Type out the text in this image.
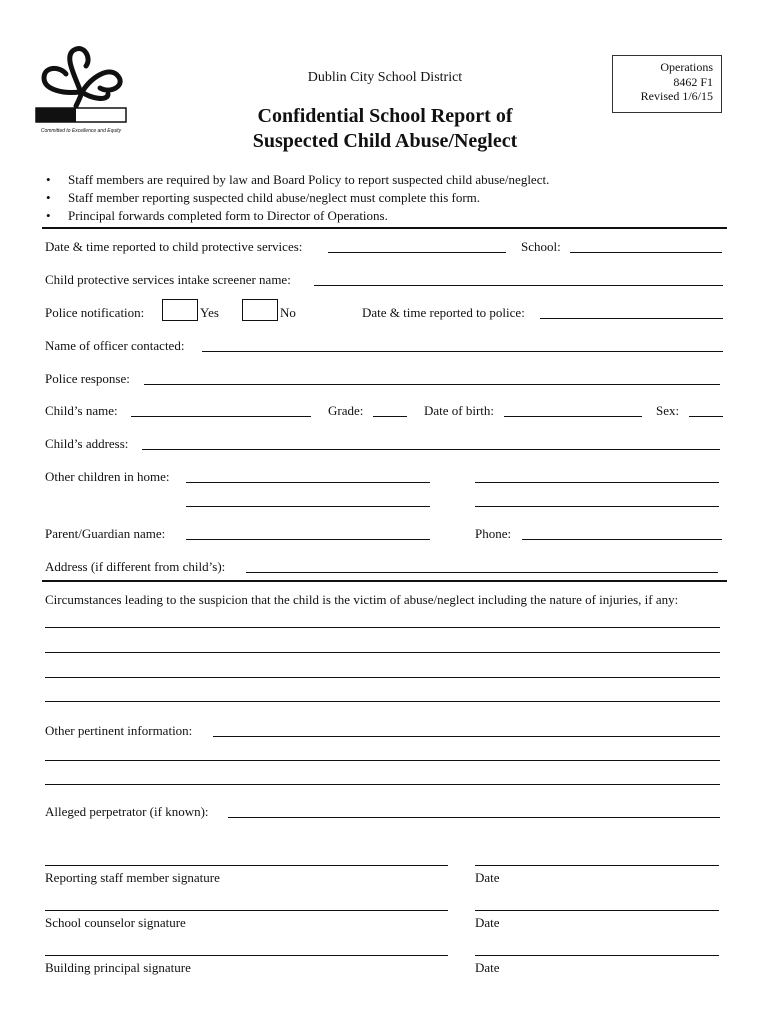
DUBLIN CITY SCHOOLS
Committed to Excellence and Equity
Dublin City School District
Confidential School Report of
Suspected Child Abuse/Neglect
Operations
8462 F1
Revised 1/6/15
• Staff members are required by law and Board Policy to report suspected child abuse/neglect.
• Staff member reporting suspected child abuse/neglect must complete this form.
• Principal forwards completed form to Director of Operations.
Date & time reported to child protective services:	School:
Child protective services intake screener name:
Police notification:	Yes	No	Date & time reported to police:
Name of officer contacted:
Police response:
Child’s name:	Grade:	Date of birth:	Sex:
Child’s address:
Other children in home:
Parent/Guardian name:	Phone:
Address (if different from child’s):
Circumstances leading to the suspicion that the child is the victim of abuse/neglect including the nature of injuries, if any:
Other pertinent information:
Alleged perpetrator (if known):
Reporting staff member signature	Date
School counselor signature	Date
Building principal signature	Date
